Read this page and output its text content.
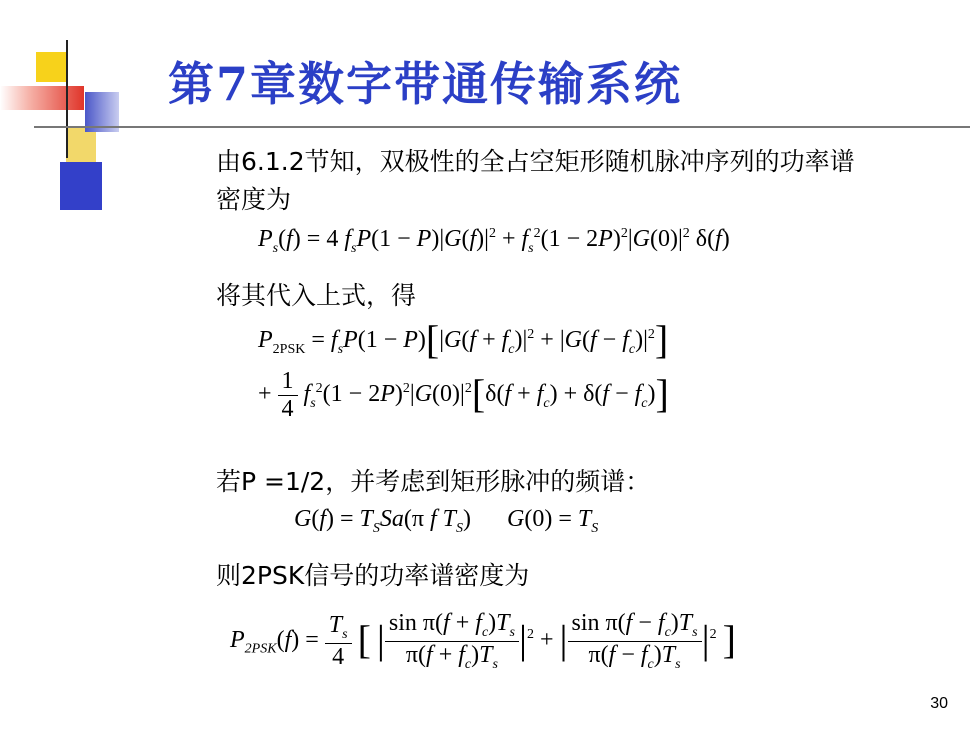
第7章数字带通传输系统
由6.1.2节知，双极性的全占空矩形随机脉冲序列的功率谱
密度为
$P_s(f) = 4$ $f_sP(1 - P)|G(f)|^2 + f_s^2(1 - 2P)^2|G(0)|^2$ δ(f)
将其代入上式，得
$P_{2PSK} = f_sP(1 - P)[|G(f + f_c)|^2 + |G(f - f_c)|^2]$
+ $\frac{1}{4} f_s^2(1 - 2P)^2|G(0)|^2[\delta(f + f_c) + \delta(f - f_c)]$
若P =1/2，并考虑到矩形脉冲的频谱：
$G(f) = T_SSa(\pi$ f $T_S$)      $G(0) = T_S$
则2PSK信号的功率谱密度为
$P_{2PSK}(f) = \frac{T_s}{4}$ [ | $\frac{\sin \pi(f + f_c)T_s}{\pi(f + f_c)T_s} |^2$ + | $\frac{\sin \pi(f - f_c)T_s}{\pi(f - f_c)T_s} |^2$ ]
30
